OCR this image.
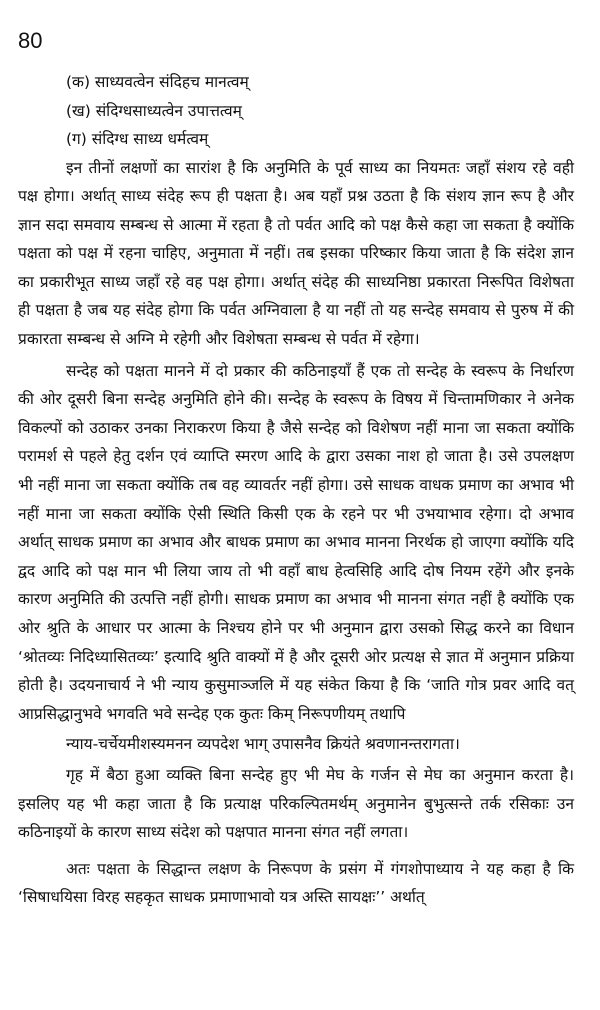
80

(क) साध्यवत्वेन संदिहच मानत्वम्

(ख) संदिग्धसाध्यत्वेन उपात्तत्वम्

(ग) संदिग्ध साध्य धर्मत्वम्

इन तीनों लक्षणों का सारांश है कि अनुमिति के पूर्व साध्य का नियमतः जहाँ संशय रहे वही पक्ष होगा। अर्थात् साध्य संदेह रूप ही पक्षता है। अब यहाँ प्रश्न उठता है कि संशय ज्ञान रूप है और ज्ञान सदा समवाय सम्बन्ध से आत्मा में रहता है तो पर्वत आदि को पक्ष कैसे कहा जा सकता है क्योंकि पक्षता को पक्ष में रहना चाहिए, अनुमाता में नहीं। तब इसका परिष्कार किया जाता है कि संदेश ज्ञान का प्रकारीभूत साध्य जहाँ रहे वह पक्ष होगा। अर्थात् संदेह की साध्यनिष्ठा प्रकारता निरूपित विशेषता ही पक्षता है जब यह संदेह होगा कि पर्वत अग्निवाला है या नहीं तो यह सन्देह समवाय से पुरुष में की प्रकारता सम्बन्ध से अग्नि मे रहेगी और विशेषता सम्बन्ध से पर्वत में रहेगा।

सन्देह को पक्षता मानने में दो प्रकार की कठिनाइयाँ हैं एक तो सन्देह के स्वरूप के निर्धारण की ओर दूसरी बिना सन्देह अनुमिति होने की। सन्देह के स्वरूप के विषय में चिन्तामणिकार ने अनेक विकल्पों को उठाकर उनका निराकरण किया है जैसे सन्देह को विशेषण नहीं माना जा सकता क्योंकि परामर्श से पहले हेतु दर्शन एवं व्याप्ति स्मरण आदि के द्वारा उसका नाश हो जाता है। उसे उपलक्षण भी नहीं माना जा सकता क्योंकि तब वह व्यावर्तर नहीं होगा। उसे साधक वाधक प्रमाण का अभाव भी नहीं माना जा सकता क्योंकि ऐसी स्थिति किसी एक के रहने पर भी उभयाभाव रहेगा। दो अभाव अर्थात् साधक प्रमाण का अभाव और बाधक प्रमाण का अभाव मानना निरर्थक हो जाएगा क्योंकि यदि द्वद आदि को पक्ष मान भी लिया जाय तो भी वहाँ बाध हेत्वसिहि आदि दोष नियम रहेंगे और इनके कारण अनुमिति की उत्पत्ति नहीं होगी। साधक प्रमाण का अभाव भी मानना संगत नहीं है क्योंकि एक ओर श्रुति के आधार पर आत्मा के निश्चय होने पर भी अनुमान द्वारा उसको सिद्ध करने का विधान ‘श्रोतव्यः निदिध्यासितव्यः’ इत्यादि श्रुति वाक्यों में है और दूसरी ओर प्रत्यक्ष से ज्ञात में अनुमान प्रक्रिया होती है। उदयनाचार्य ने भी न्याय कुसुमाञ्जलि में यह संकेत किया है कि ‘जाति गोत्र प्रवर आदि वत् आप्रसिद्धानुभवे भगवति भवे सन्देह एक कुतः किम् निरूपणीयम् तथापि

न्याय-चर्चेयमीशस्यमनन व्यपदेश भाग् उपासनैव क्रियंते श्रवणानन्तरागता।

गृह में बैठा हुआ व्यक्ति बिना सन्देह हुए भी मेघ के गर्जन से मेघ का अनुमान करता है। इसलिए यह भी कहा जाता है कि प्रत्याक्ष परिकल्पितमर्थम् अनुमानेन बुभुत्सन्ते तर्क रसिकाः उन कठिनाइयों के कारण साध्य संदेश को पक्षपात मानना संगत नहीं लगता।

अतः पक्षता के सिद्धान्त लक्षण के निरूपण के प्रसंग में गंगशोपाध्याय ने यह कहा है कि ‘सिषाधयिसा विरह सहकृत साधक प्रमाणाभावो यत्र अस्ति सायक्षः’’ अर्थात्
